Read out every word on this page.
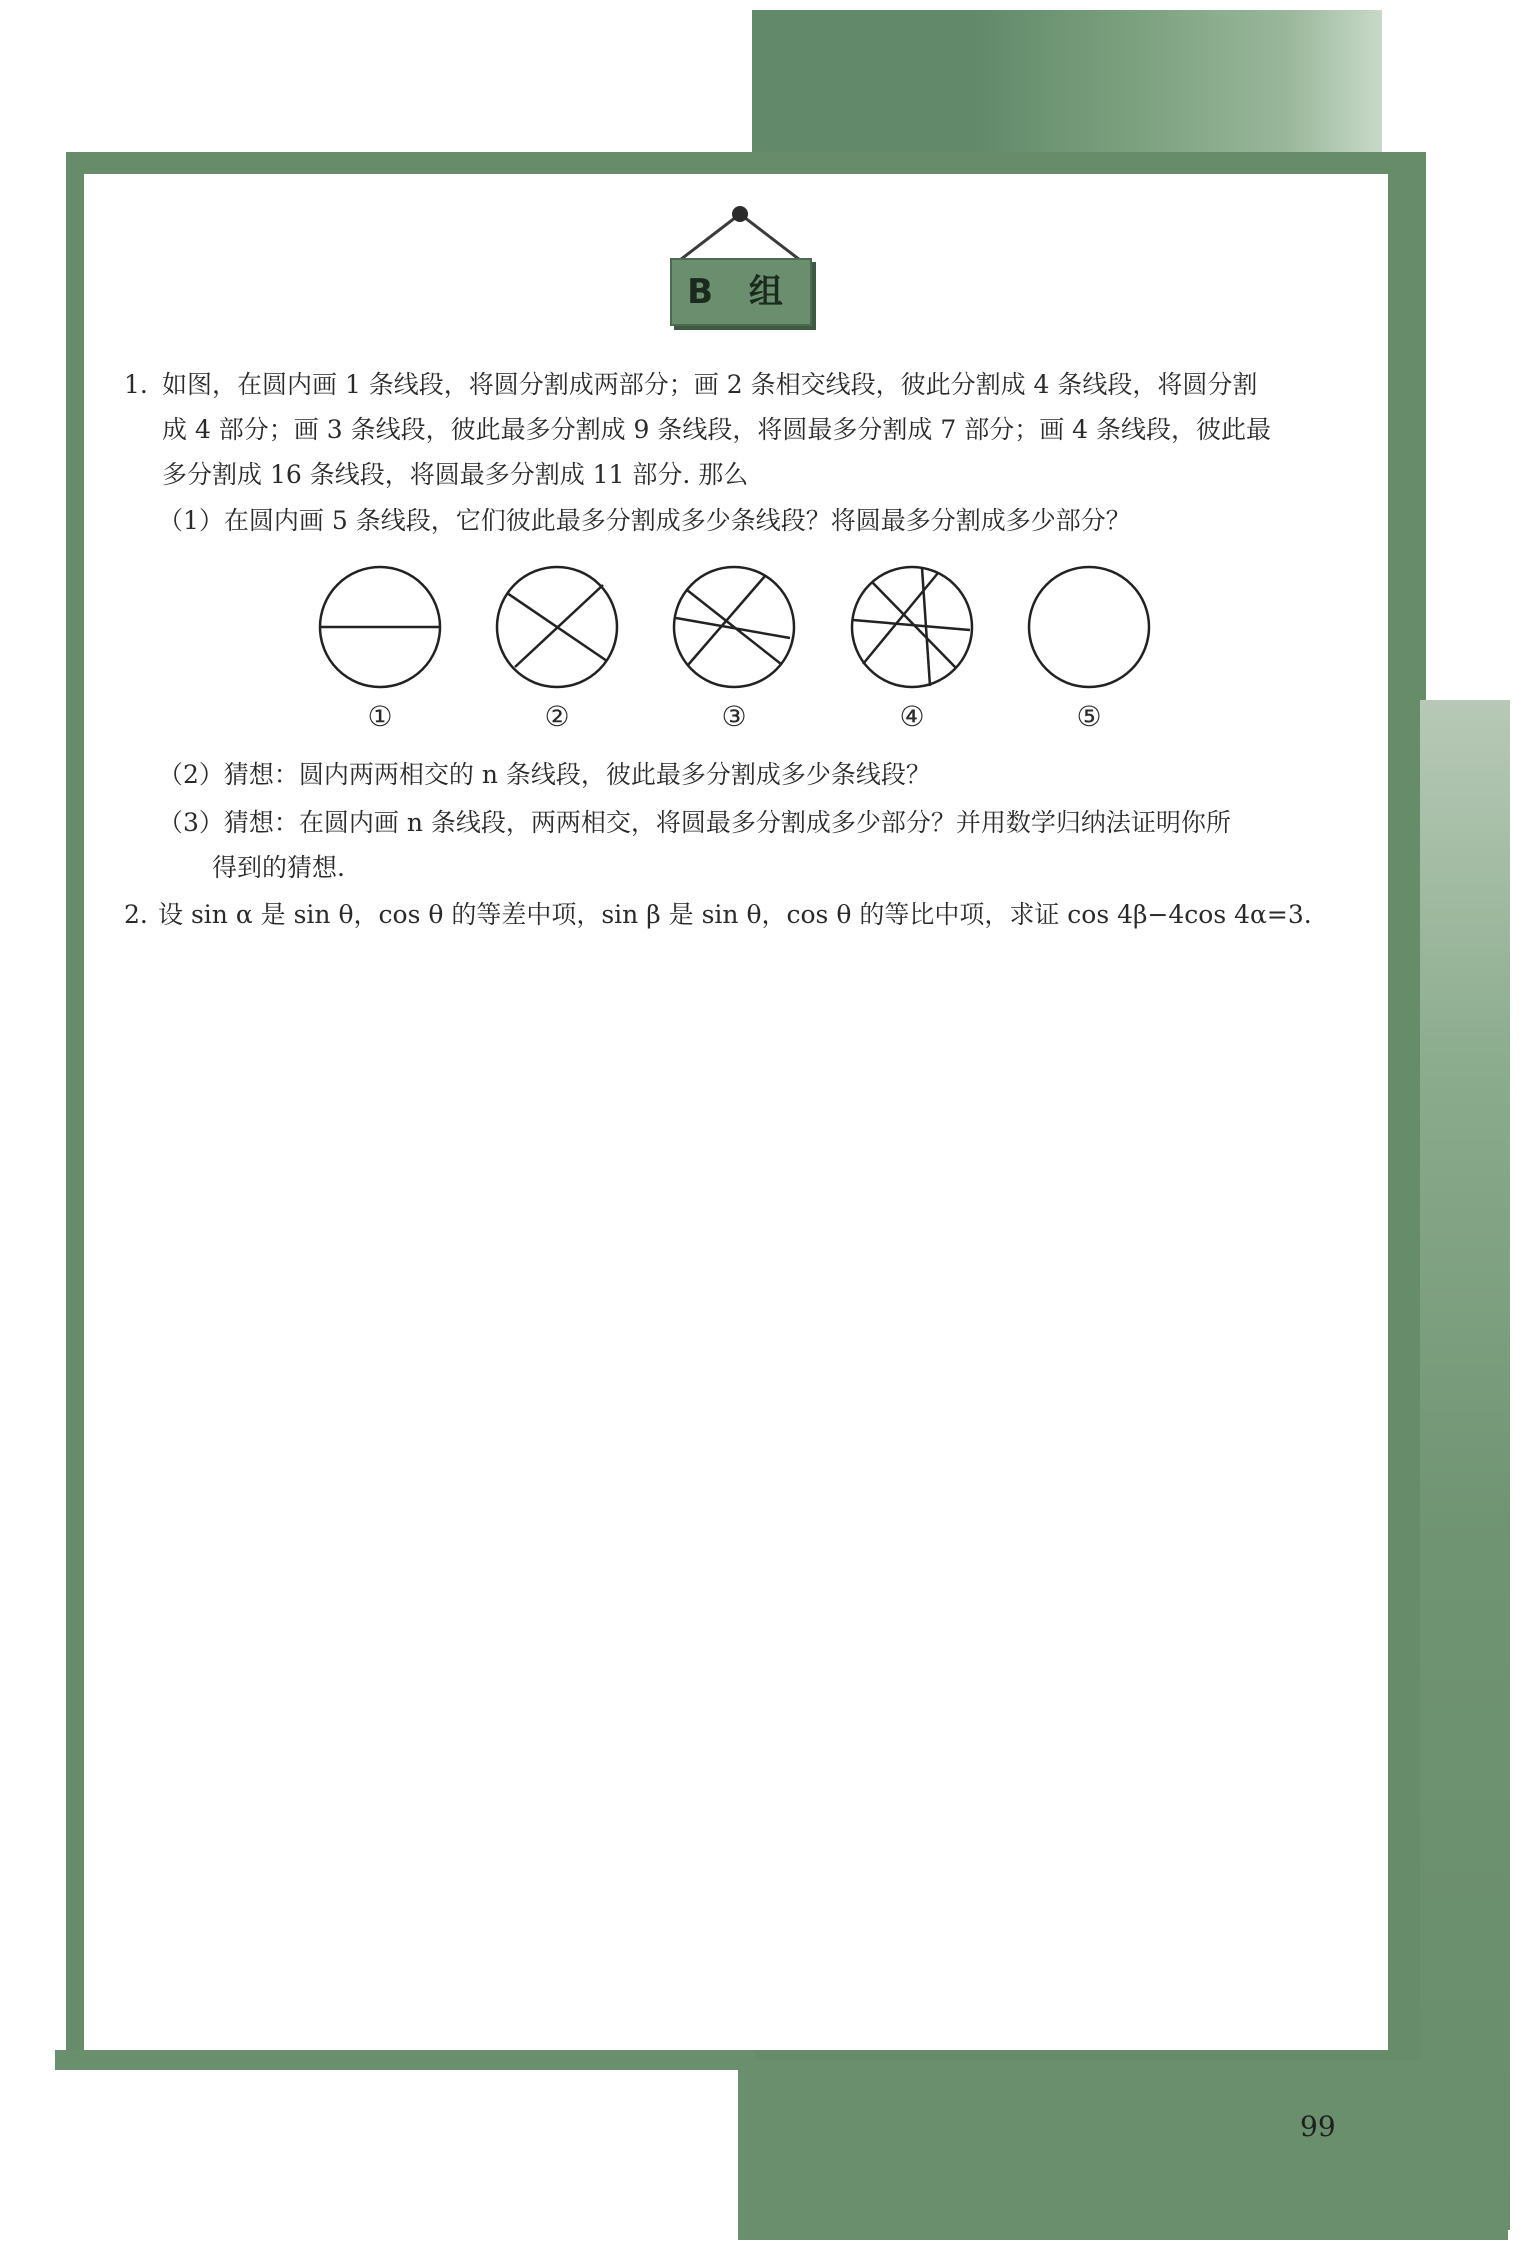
B 组
1. 如图，在圆内画 1 条线段，将圆分割成两部分；画 2 条相交线段，彼此分割成 4 条线段，将圆分割
成 4 部分；画 3 条线段，彼此最多分割成 9 条线段，将圆最多分割成 7 部分；画 4 条线段，彼此最
多分割成 16 条线段，将圆最多分割成 11 部分. 那么
（1）在圆内画 5 条线段，它们彼此最多分割成多少条线段？将圆最多分割成多少部分？
①	②	③	④	⑤
（2）猜想：圆内两两相交的 n 条线段，彼此最多分割成多少条线段？
（3）猜想：在圆内画 n 条线段，两两相交，将圆最多分割成多少部分？并用数学归纳法证明你所
得到的猜想.
2. 设 sin α 是 sin θ，cos θ 的等差中项，sin β 是 sin θ，cos θ 的等比中项，求证 cos 4β−4cos 4α=3.
99
